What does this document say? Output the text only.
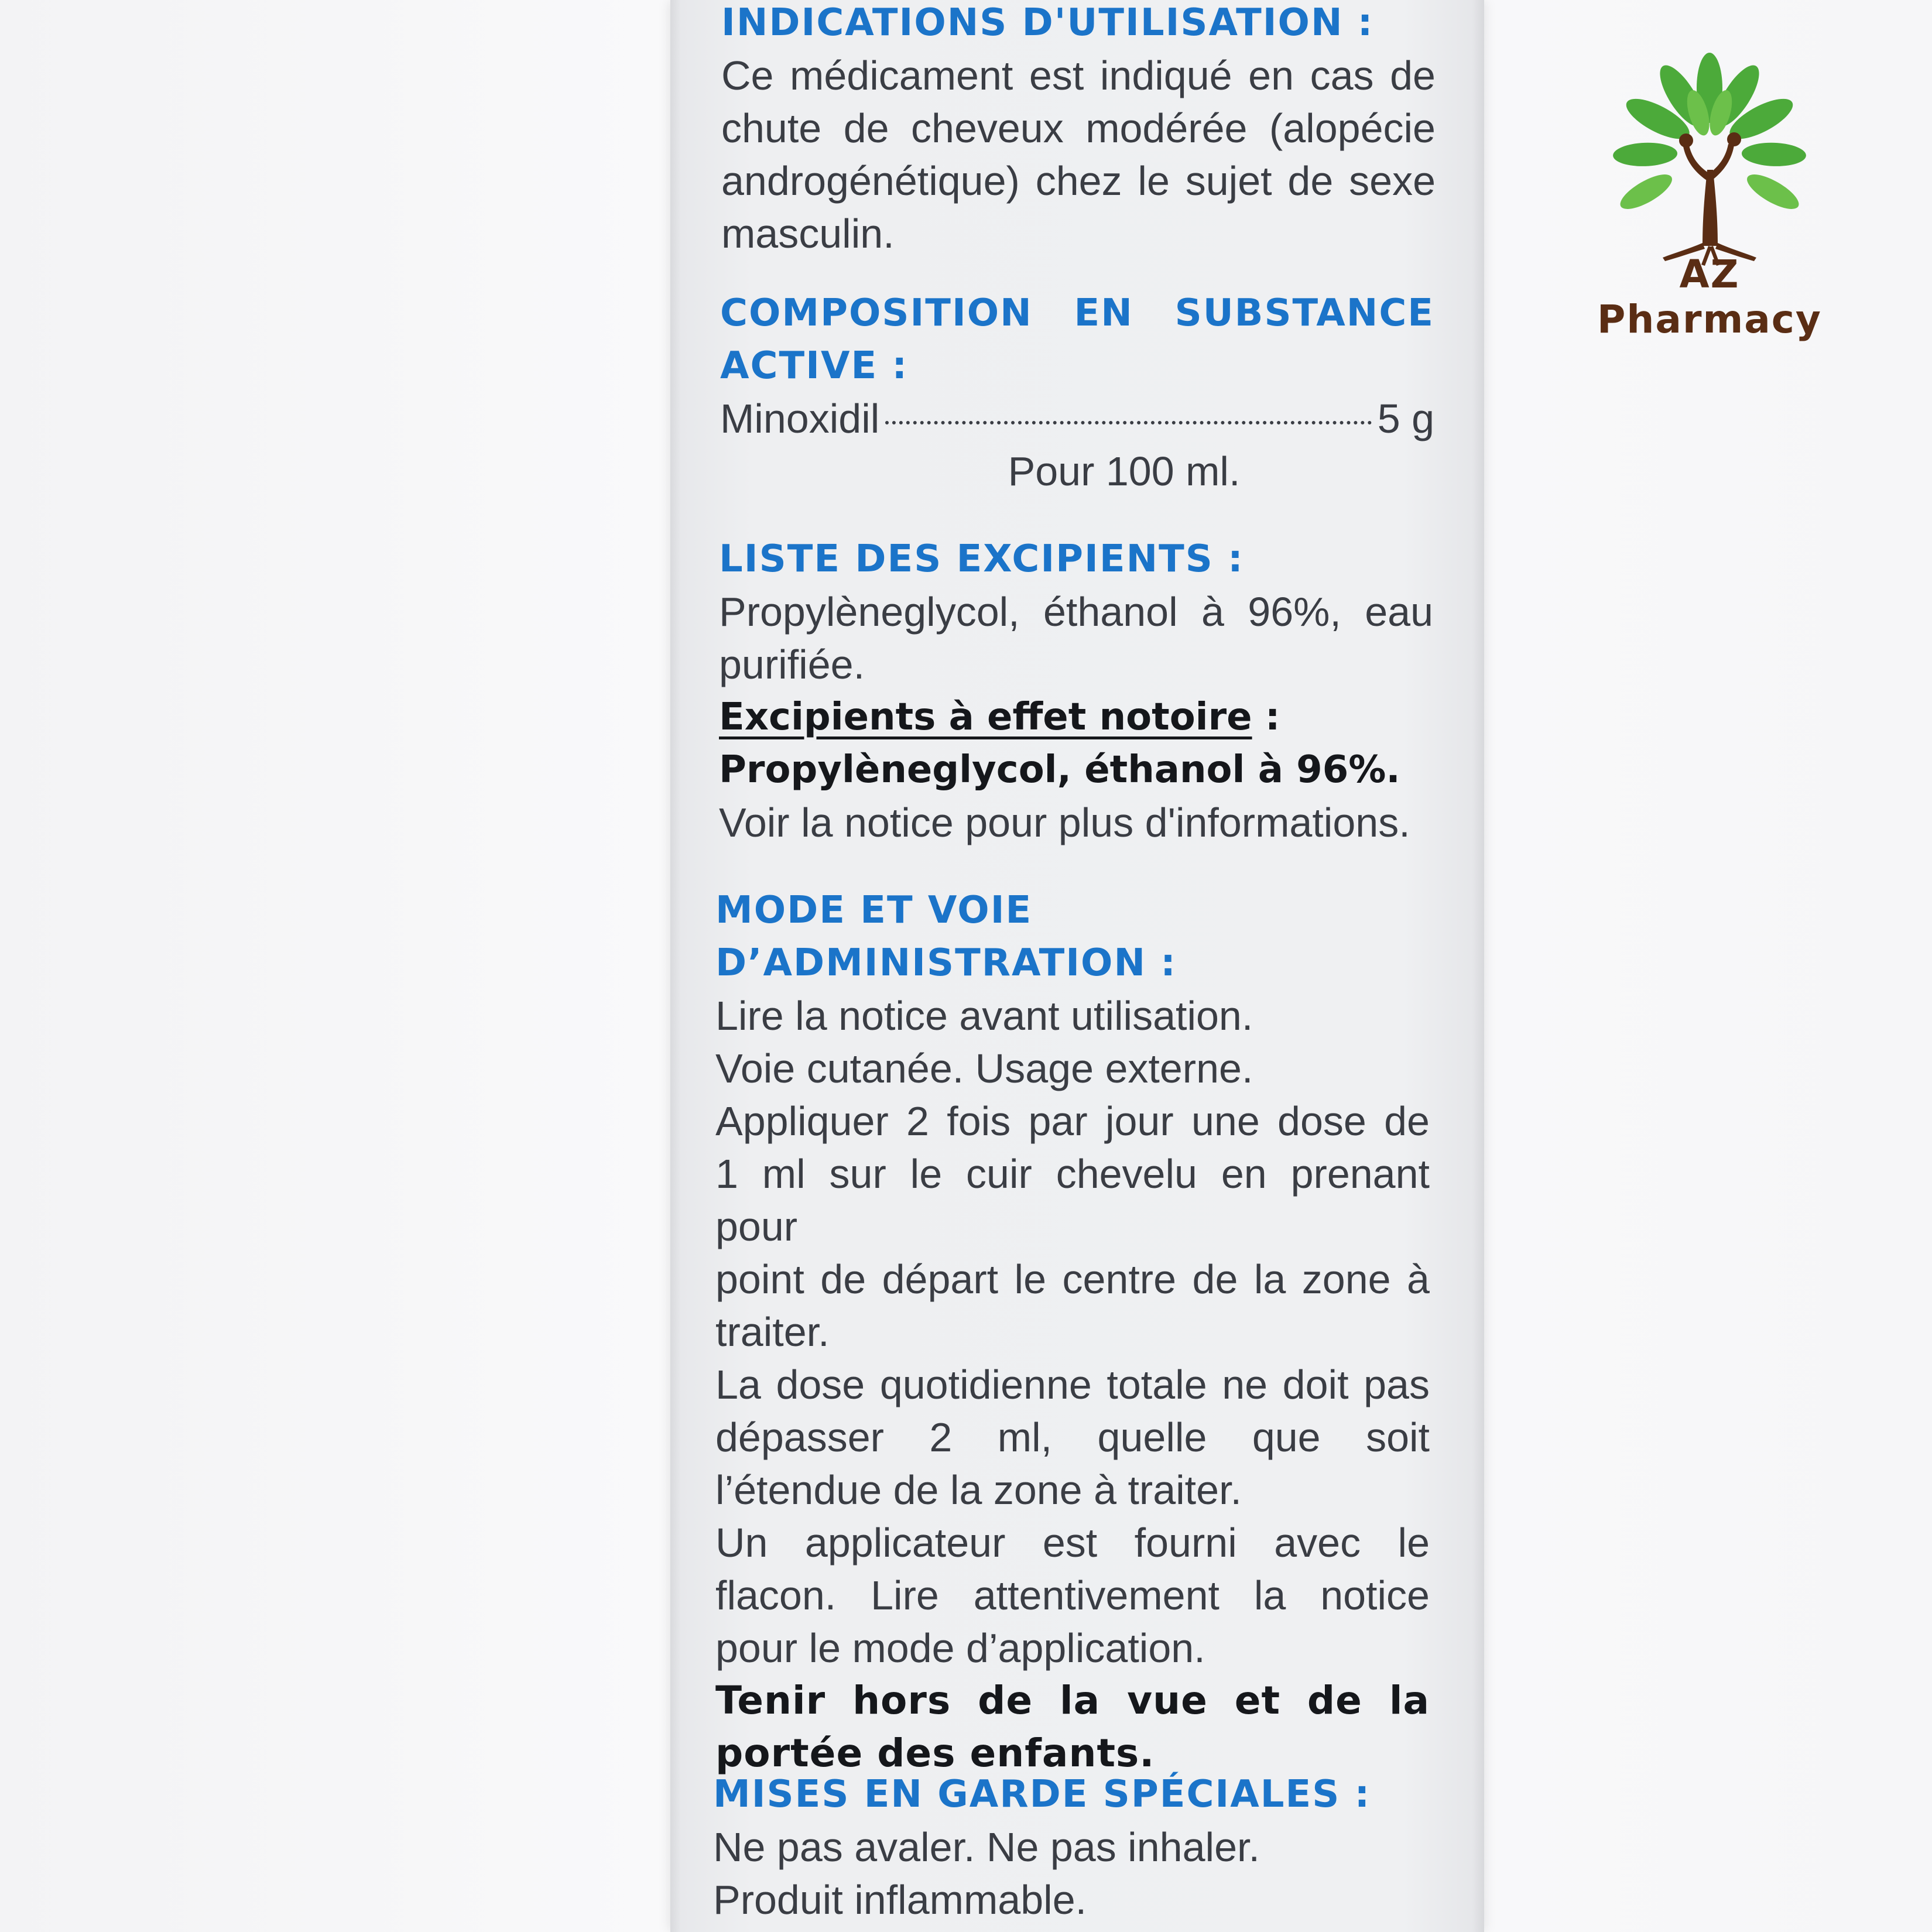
INDICATIONS D'UTILISATION :
Ce médicament est indiqué en cas de
chute de cheveux modérée (alopécie
androgénétique) chez le sujet de sexe
masculin.
COMPOSITION EN SUBSTANCE
ACTIVE :
Minoxidil	5 g
Pour 100 ml.
LISTE DES EXCIPIENTS :
Propylèneglycol, éthanol à 96%, eau
purifiée.
Excipients à effet notoire :
Propylèneglycol, éthanol à 96%.
Voir la notice pour plus d'informations.
MODE ET VOIE
D’ADMINISTRATION :
Lire la notice avant utilisation.
Voie cutanée. Usage externe.
Appliquer 2 fois par jour une dose de
1 ml sur le cuir chevelu en prenant pour
point de départ le centre de la zone à
traiter.
La dose quotidienne totale ne doit pas
dépasser 2 ml, quelle que soit
l’étendue de la zone à traiter.
Un applicateur est fourni avec le
flacon. Lire attentivement la notice
pour le mode d’application.
Tenir hors de la vue et de la
portée des enfants.
MISES EN GARDE SPÉCIALES :
Ne pas avaler. Ne pas inhaler.
Produit inflammable.
AZ Pharmacy
